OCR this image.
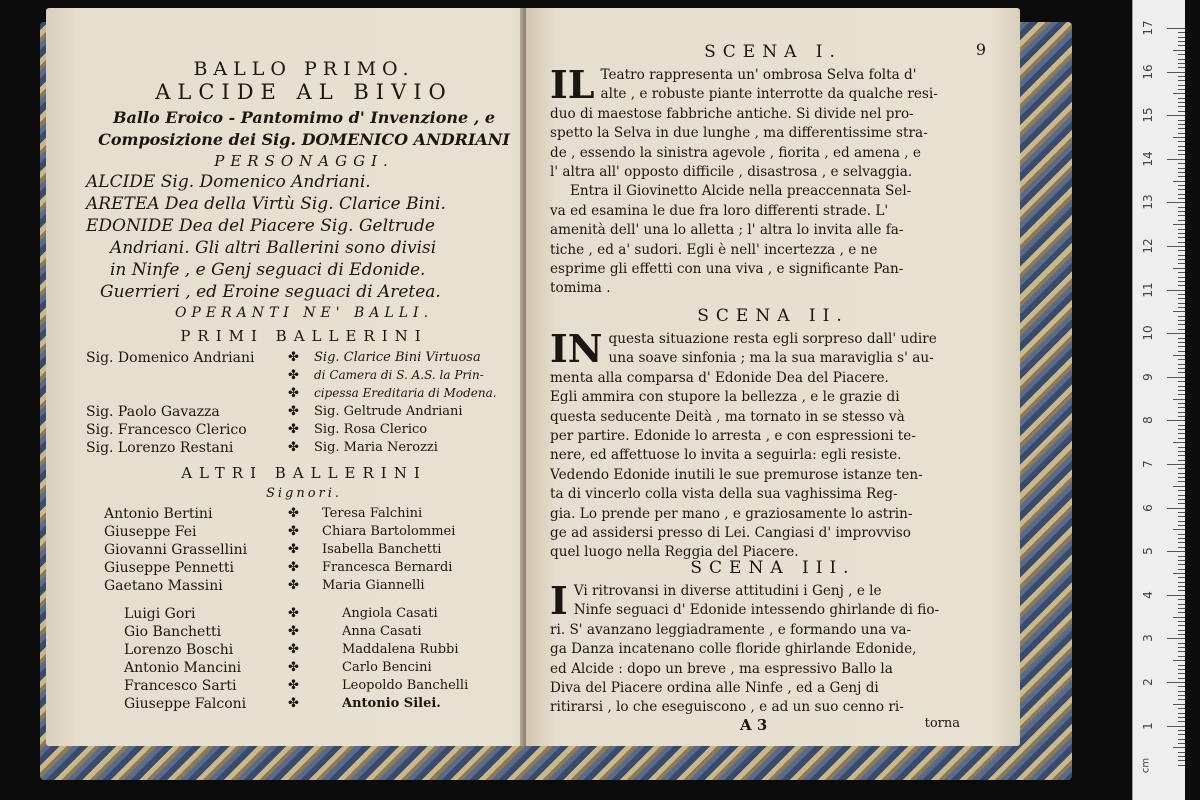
BALLO PRIMO.
ALCIDE AL BIVIO
Ballo Eroico - Pantomimo d' Invenzione , e
Composizione dei Sig. DOMENICO ANDRIANI
PERSONAGGI.
ALCIDE Sig. Domenico Andriani.
ARETEA Dea della Virtù Sig. Clarice Bini.
EDONIDE Dea del Piacere Sig. Geltrude
Andriani. Gli altri Ballerini sono divisi
in Ninfe , e Genj seguaci di Edonide.
Guerrieri , ed Eroine seguaci di Aretea.
OPERANTI NE' BALLI.
PRIMI BALLERINI
Sig. Domenico Andriani
Sig. Paolo Gavazza
Sig. Francesco Clerico
Sig. Lorenzo Restani
Sig. Clarice Bini Virtuosa
di Camera di S. A.S. la Prin-
cipessa Ereditaria di Modena.
Sig. Geltrude Andriani
Sig. Rosa Clerico
Sig. Maria Nerozzi
✤
✤
✤
✤
✤
✤
ALTRI BALLERINI
Signori.
Antonio Bertini
Giuseppe Fei
Giovanni Grassellini
Giuseppe Pennetti
Gaetano Massini
Teresa Falchini
Chiara Bartolommei
Isabella Banchetti
Francesca Bernardi
Maria Giannelli
✤
✤
✤
✤
✤
Luigi Gori
Gio Banchetti
Lorenzo Boschi
Antonio Mancini
Francesco Sarti
Giuseppe Falconi
Angiola Casati
Anna Casati
Maddalena Rubbi
Carlo Bencini
Leopoldo Banchelli
Antonio Silei.
✤
✤
✤
✤
✤
✤
SCENA I.	9
IL Teatro rappresenta un' ombrosa Selva folta d'
alte , e robuste piante interrotte da qualche resi-
duo di maestose fabbriche antiche. Si divide nel pro-
spetto la Selva in due lunghe , ma differentissime stra-
de , essendo la sinistra agevole , fiorita , ed amena , e
l' altra all' opposto difficile , disastrosa , e selvaggia.
Entra il Giovinetto Alcide nella preaccennata Sel-
va ed esamina le due fra loro differenti strade. L'
amenità dell' una lo alletta ; l' altra lo invita alle fa-
tiche , ed a' sudori. Egli è nell' incertezza , e ne
esprime gli effetti con una viva , e significante Pan-
tomima .
SCENA II.
IN questa situazione resta egli sorpreso dall' udire
una soave sinfonia ; ma la sua maraviglia s' au-
menta alla comparsa d' Edonide Dea del Piacere.
Egli ammira con stupore la bellezza , e le grazie di
questa seducente Deità , ma tornato in se stesso và
per partire. Edonide lo arresta , e con espressioni te-
nere, ed affettuose lo invita a seguirla: egli resiste.
Vedendo Edonide inutili le sue premurose istanze ten-
ta di vincerlo colla vista della sua vaghissima Reg-
gia. Lo prende per mano , e graziosamente lo astrin-
ge ad assidersi presso di Lei. Cangiasi d' improvviso
quel luogo nella Reggia del Piacere.
SCENA III.
I Vi ritrovansi in diverse attitudini i Genj , e le
Ninfe seguaci d' Edonide intessendo ghirlande di fio-
ri. S' avanzano leggiadramente , e formando una va-
ga Danza incatenano colle floride ghirlande Edonide,
ed Alcide : dopo un breve , ma espressivo Ballo la
Diva del Piacere ordina alle Ninfe , ed a Genj di
ritirarsi , lo che eseguiscono , e ad un suo cenno ri-
A 3	torna
17
16
15
14
13
12
11
10
9
8
7
6
5
4
3
2
1
cm
